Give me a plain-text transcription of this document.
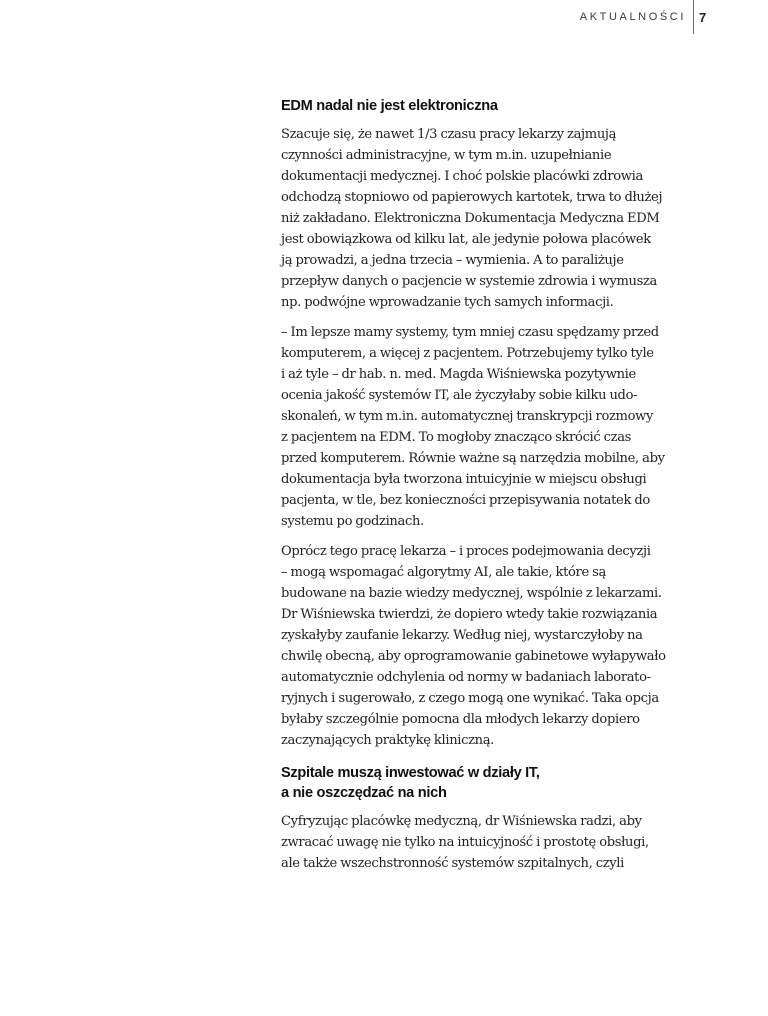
AKTUALNOŚCI 7
EDM nadal nie jest elektroniczna

Szacuje się, że nawet 1/3 czasu pracy lekarzy zajmują
czynności administracyjne, w tym m.in. uzupełnianie
dokumentacji medycznej. I choć polskie placówki zdrowia
odchodzą stopniowo od papierowych kartotek, trwa to dłużej
niż zakładano. Elektroniczna Dokumentacja Medyczna EDM
jest obowiązkowa od kilku lat, ale jedynie połowa placówek
ją prowadzi, a jedna trzecia – wymienia. A to paraliżuje
przepływ danych o pacjencie w systemie zdrowia i wymusza
np. podwójne wprowadzanie tych samych informacji.

– Im lepsze mamy systemy, tym mniej czasu spędzamy przed
komputerem, a więcej z pacjentem. Potrzebujemy tylko tyle
i aż tyle – dr hab. n. med. Magda Wiśniewska pozytywnie
ocenia jakość systemów IT, ale życzyłaby sobie kilku udo-
skonaleń, w tym m.in. automatycznej transkrypcji rozmowy
z pacjentem na EDM. To mogłoby znacząco skrócić czas
przed komputerem. Równie ważne są narzędzia mobilne, aby
dokumentacja była tworzona intuicyjnie w miejscu obsługi
pacjenta, w tle, bez konieczności przepisywania notatek do
systemu po godzinach.

Oprócz tego pracę lekarza – i proces podejmowania decyzji
– mogą wspomagać algorytmy AI, ale takie, które są
budowane na bazie wiedzy medycznej, wspólnie z lekarzami.
Dr Wiśniewska twierdzi, że dopiero wtedy takie rozwiązania
zyskałyby zaufanie lekarzy. Według niej, wystarczyłoby na
chwilę obecną, aby oprogramowanie gabinetowe wyłapywało
automatycznie odchylenia od normy w badaniach laborato-
ryjnych i sugerowało, z czego mogą one wynikać. Taka opcja
byłaby szczególnie pomocna dla młodych lekarzy dopiero
zaczynających praktykę kliniczną.

Szpitale muszą inwestować w działy IT,
a nie oszczędzać na nich

Cyfryzując placówkę medyczną, dr Wiśniewska radzi, aby
zwracać uwagę nie tylko na intuicyjność i prostotę obsługi,
ale także wszechstronność systemów szpitalnych, czyli
